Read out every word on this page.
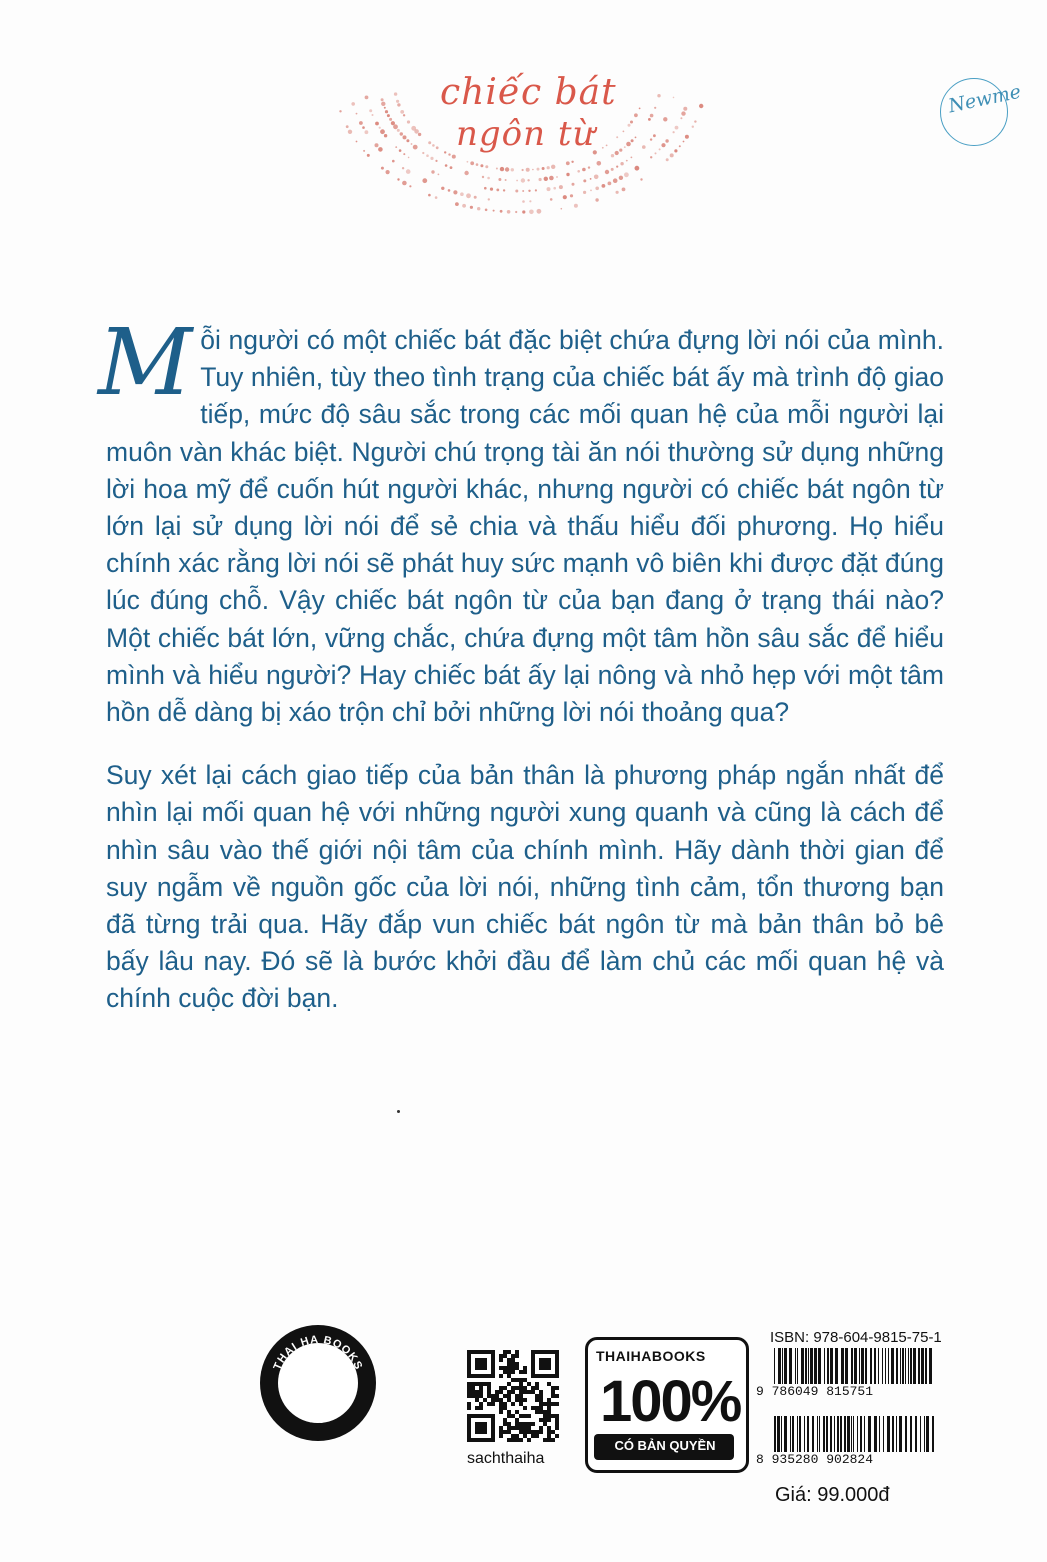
chiếc bát
ngôn từ
Newme

Mỗi người có một chiếc bát đặc biệt chứa đựng lời nói của mình. Tuy nhiên, tùy theo tình trạng của chiếc bát ấy mà trình độ giao tiếp, mức độ sâu sắc trong các mối quan hệ của mỗi người lại muôn vàn khác biệt. Người chú trọng tài ăn nói thường sử dụng những lời hoa mỹ để cuốn hút người khác, nhưng người có chiếc bát ngôn từ lớn lại sử dụng lời nói để sẻ chia và thấu hiểu đối phương. Họ hiểu chính xác rằng lời nói sẽ phát huy sức mạnh vô biên khi được đặt đúng lúc đúng chỗ. Vậy chiếc bát ngôn từ của bạn đang ở trạng thái nào? Một chiếc bát lớn, vững chắc, chứa đựng một tâm hồn sâu sắc để hiểu mình và hiểu người? Hay chiếc bát ấy lại nông và nhỏ hẹp với một tâm hồn dễ dàng bị xáo trộn chỉ bởi những lời nói thoảng qua?

Suy xét lại cách giao tiếp của bản thân là phương pháp ngắn nhất để nhìn lại mối quan hệ với những người xung quanh và cũng là cách để nhìn sâu vào thế giới nội tâm của chính mình. Hãy dành thời gian để suy ngẫm về nguồn gốc của lời nói, những tình cảm, tổn thương bạn đã từng trải qua. Hãy đắp vun chiếc bát ngôn từ mà bản thân bỏ bê bấy lâu nay. Đó sẽ là bước khởi đầu để làm chủ các mối quan hệ và chính cuộc đời bạn.

THAI HA BOOKS
Serve to Lead
sachthaiha
THAIHABOOKS
100%
CÓ BẢN QUYỀN
ISBN: 978-604-9815-75-1
9 786049 815751
8 935280 902824
Giá: 99.000đ
